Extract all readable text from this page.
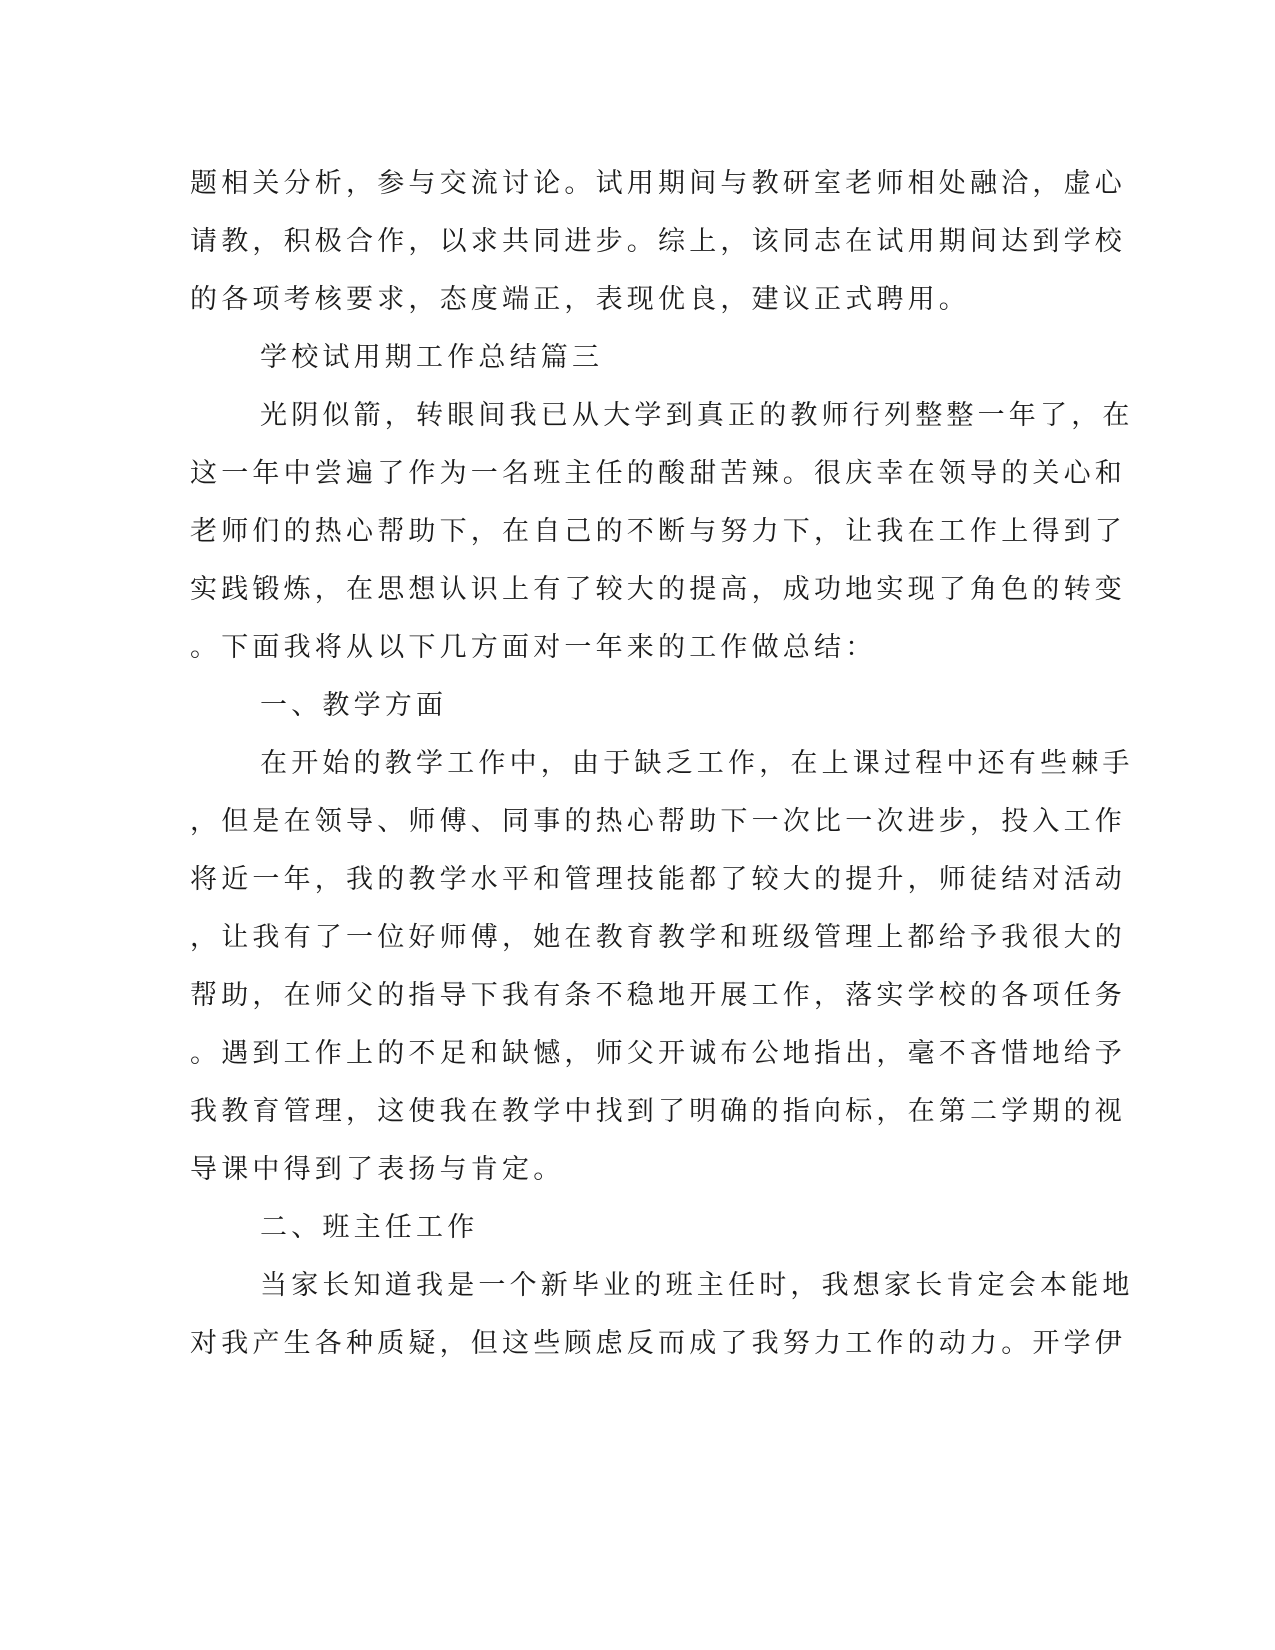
题相关分析，参与交流讨论。试用期间与教研室老师相处融洽，虚心
请教，积极合作，以求共同进步。综上，该同志在试用期间达到学校
的各项考核要求，态度端正，表现优良，建议正式聘用。
学校试用期工作总结篇三
光阴似箭，转眼间我已从大学到真正的教师行列整整一年了，在
这一年中尝遍了作为一名班主任的酸甜苦辣。很庆幸在领导的关心和
老师们的热心帮助下，在自己的不断与努力下，让我在工作上得到了
实践锻炼，在思想认识上有了较大的提高，成功地实现了角色的转变
。下面我将从以下几方面对一年来的工作做总结：
一、教学方面
在开始的教学工作中，由于缺乏工作，在上课过程中还有些棘手
，但是在领导、师傅、同事的热心帮助下一次比一次进步，投入工作
将近一年，我的教学水平和管理技能都了较大的提升，师徒结对活动
，让我有了一位好师傅，她在教育教学和班级管理上都给予我很大的
帮助，在师父的指导下我有条不稳地开展工作，落实学校的各项任务
。遇到工作上的不足和缺憾，师父开诚布公地指出，毫不吝惜地给予
我教育管理，这使我在教学中找到了明确的指向标，在第二学期的视
导课中得到了表扬与肯定。
二、班主任工作
当家长知道我是一个新毕业的班主任时，我想家长肯定会本能地
对我产生各种质疑，但这些顾虑反而成了我努力工作的动力。开学伊
